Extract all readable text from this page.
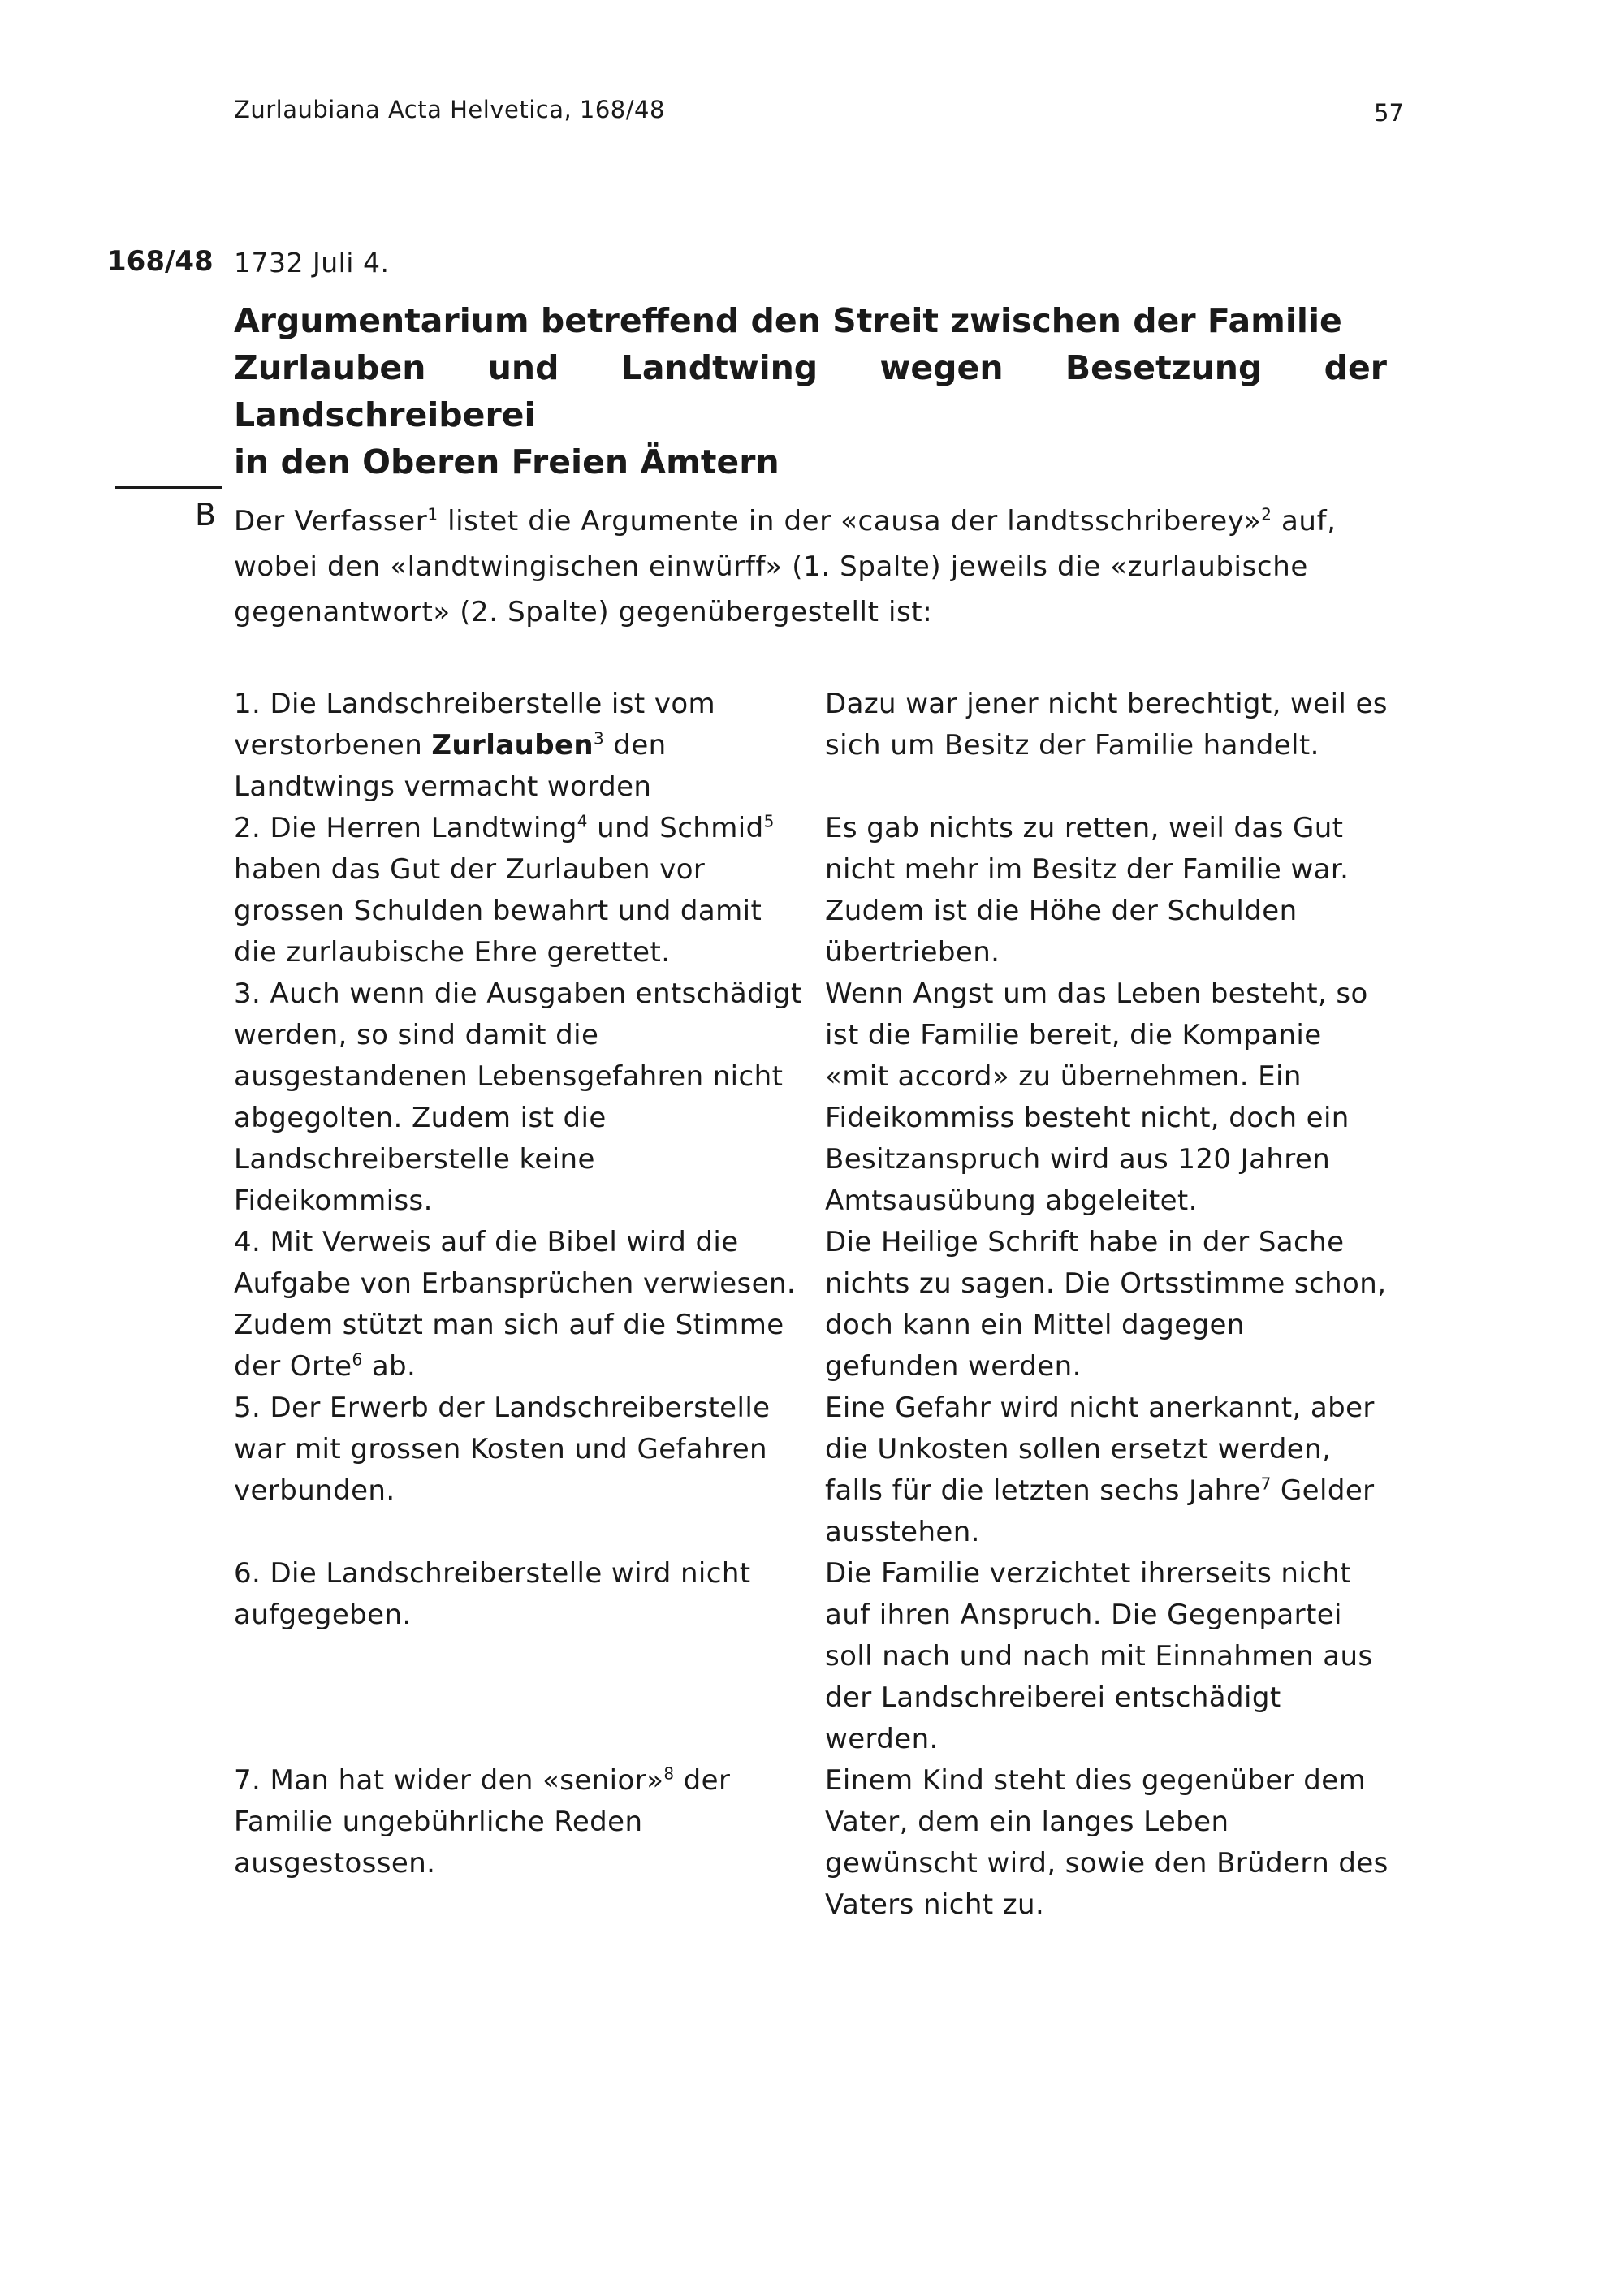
Zurlaubiana Acta Helvetica, 168/48	57
168/48 1732 Juli 4.
Argumentarium betreffend den Streit zwischen der Familie
Zurlauben und Landtwing wegen Besetzung der Landschreiberei
in den Oberen Freien Ämtern
B Der Verfasser$^1$ listet die Argumente in der «causa der landtsschriberey»$^2$ auf,
wobei den «landtwingischen einwürff» (1. Spalte) jeweils die «zurlaubische
gegenantwort» (2. Spalte) gegenübergestellt ist:
1. Die Landschreiberstelle ist vom
verstorbenen Zurlauben$^3$ den
Landtwings vermacht worden
Dazu war jener nicht berechtigt, weil es
sich um Besitz der Familie handelt.
2. Die Herren Landtwing$^4$ und Schmid$^5$
haben das Gut der Zurlauben vor
grossen Schulden bewahrt und damit
die zurlaubische Ehre gerettet.
Es gab nichts zu retten, weil das Gut
nicht mehr im Besitz der Familie war.
Zudem ist die Höhe der Schulden
übertrieben.
3. Auch wenn die Ausgaben entschädigt
werden, so sind damit die
ausgestandenen Lebensgefahren nicht
abgegolten. Zudem ist die
Landschreiberstelle keine
Fideikommiss.
Wenn Angst um das Leben besteht, so
ist die Familie bereit, die Kompanie
«mit accord» zu übernehmen. Ein
Fideikommiss besteht nicht, doch ein
Besitzanspruch wird aus 120 Jahren
Amtsausübung abgeleitet.
4. Mit Verweis auf die Bibel wird die
Aufgabe von Erbansprüchen verwiesen.
Zudem stützt man sich auf die Stimme
der Orte$^6$ ab.
Die Heilige Schrift habe in der Sache
nichts zu sagen. Die Ortsstimme schon,
doch kann ein Mittel dagegen
gefunden werden.
5. Der Erwerb der Landschreiberstelle
war mit grossen Kosten und Gefahren
verbunden.
Eine Gefahr wird nicht anerkannt, aber
die Unkosten sollen ersetzt werden,
falls für die letzten sechs Jahre$^7$ Gelder
ausstehen.
6. Die Landschreiberstelle wird nicht
aufgegeben.
Die Familie verzichtet ihrerseits nicht
auf ihren Anspruch. Die Gegenpartei
soll nach und nach mit Einnahmen aus
der Landschreiberei entschädigt
werden.
7. Man hat wider den «senior»$^8$ der
Familie ungebührliche Reden
ausgestossen.
Einem Kind steht dies gegenüber dem
Vater, dem ein langes Leben
gewünscht wird, sowie den Brüdern des
Vaters nicht zu.
